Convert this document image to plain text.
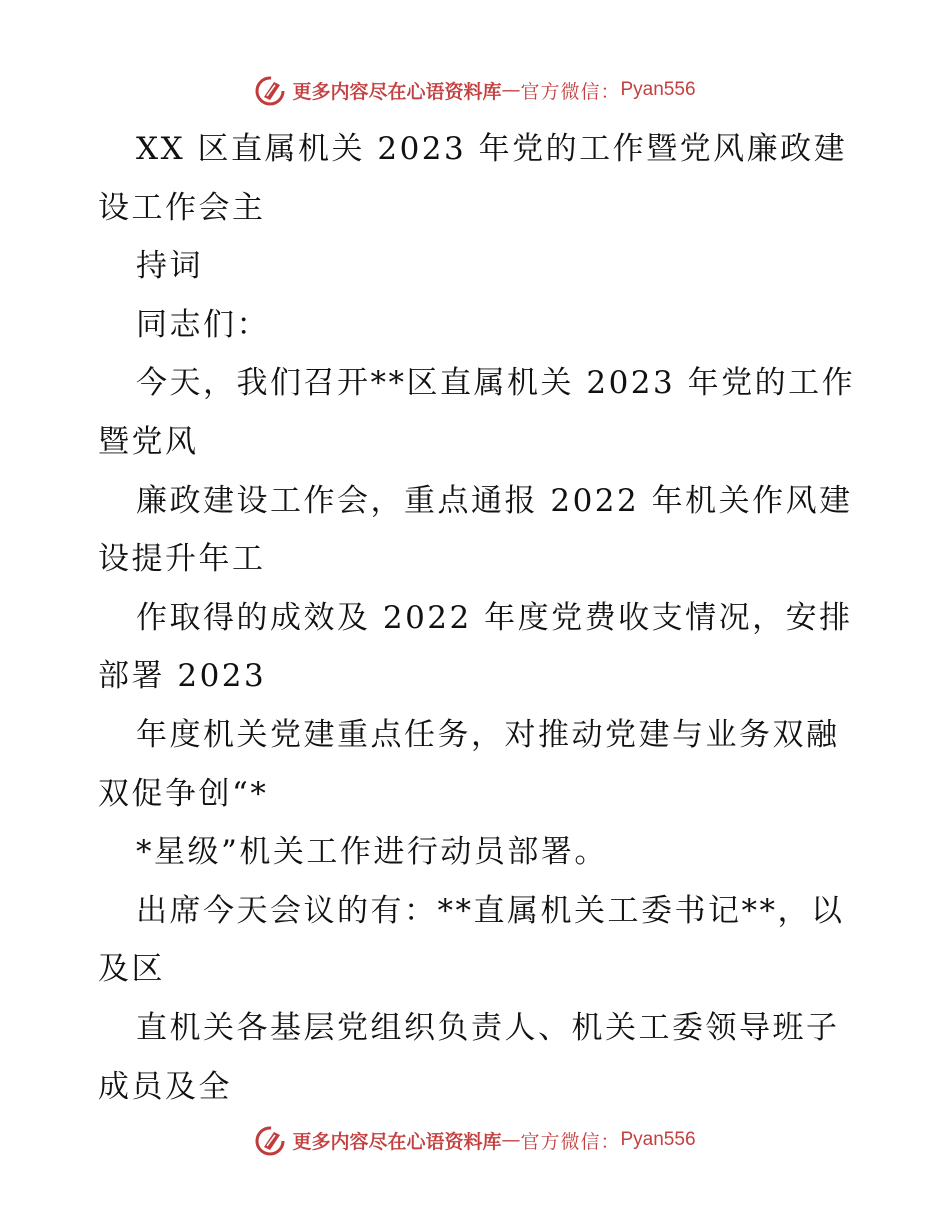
更多内容尽在心语资料库 — 官方微信： Pyan556

XX 区直属机关 2023 年党的工作暨党风廉政建

设工作会主

持词

同志们：

今天，我们召开**区直属机关 2023 年党的工作

暨党风

廉政建设工作会，重点通报 2022 年机关作风建

设提升年工

作取得的成效及 2022 年度党费收支情况，安排

部署 2023

年度机关党建重点任务，对推动党建与业务双融

双促争创“*

*星级”机关工作进行动员部署。

出席今天会议的有：**直属机关工委书记**，以

及区

直机关各基层党组织负责人、机关工委领导班子

成员及全

更多内容尽在心语资料库 — 官方微信： Pyan556
